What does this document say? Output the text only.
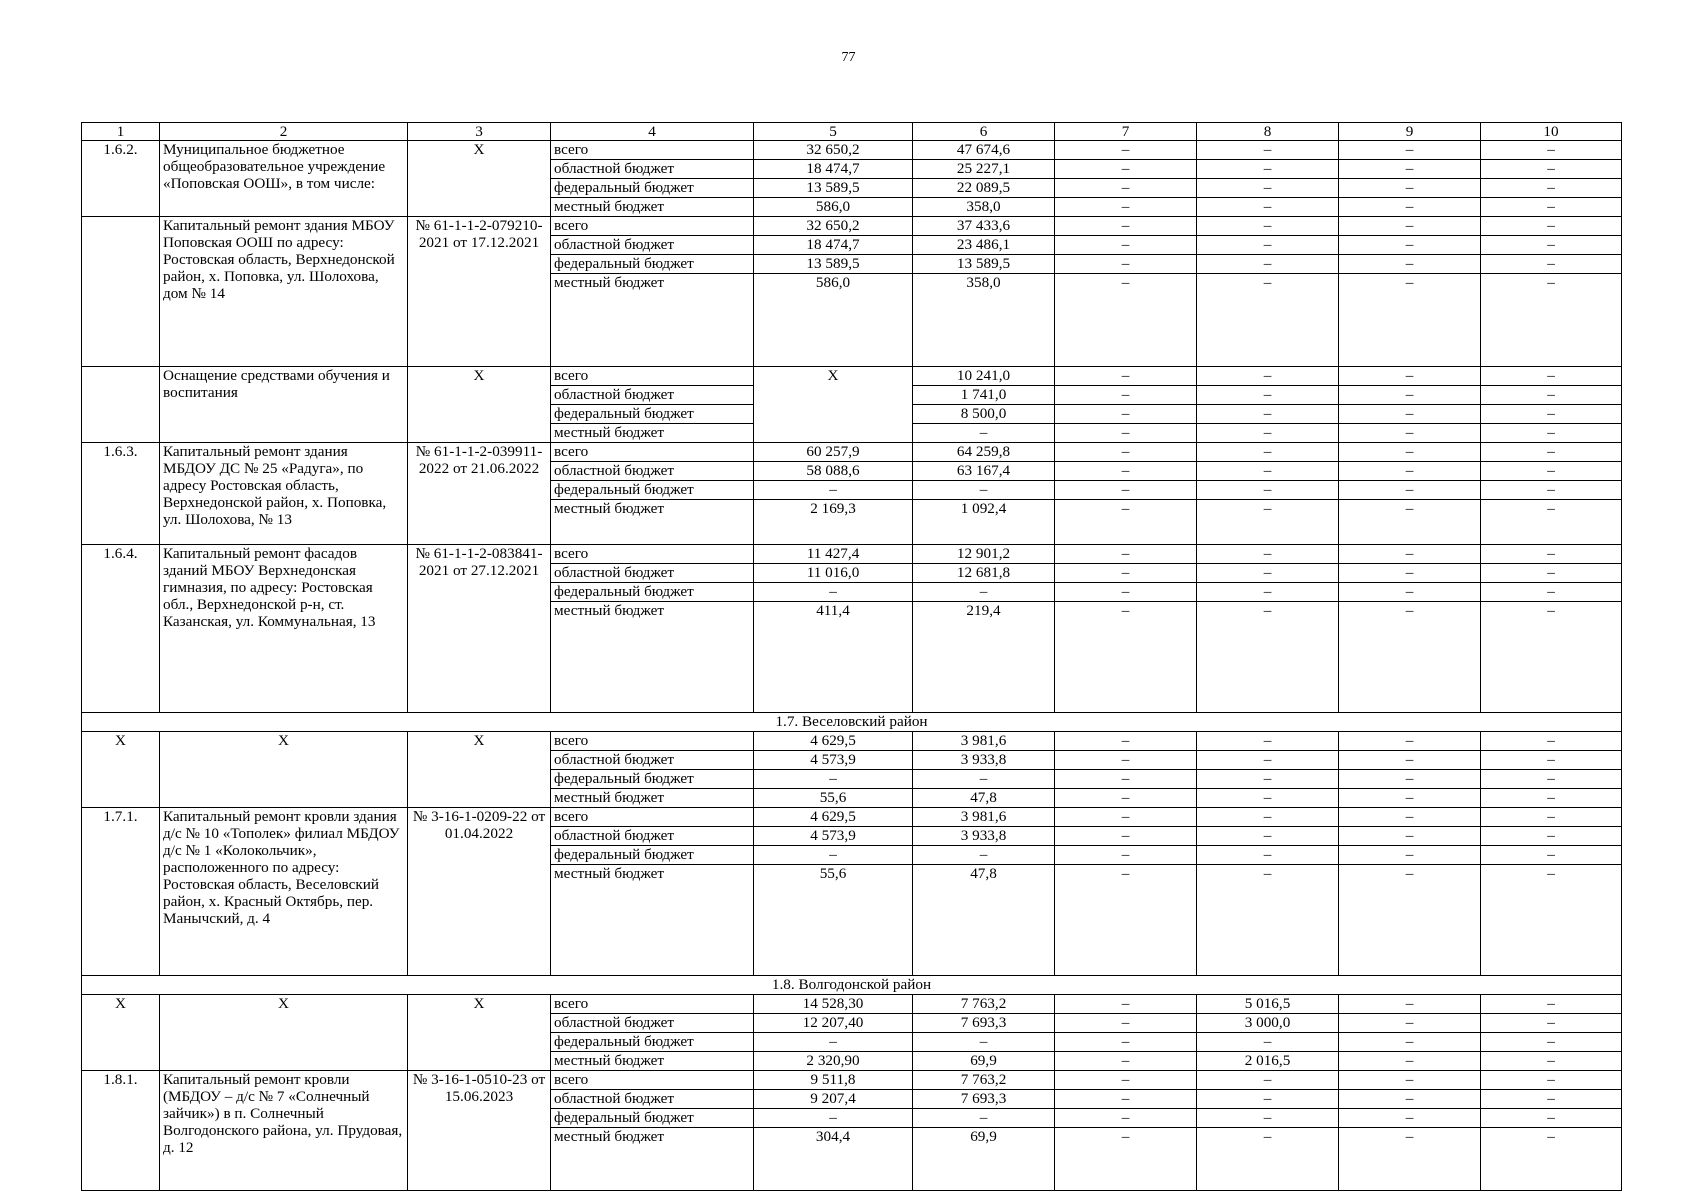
77
1	2	3	4	5	6	7	8	9	10
1.6.2.	Муниципальное бюджетное общеобразовательное учреждение «Поповская ООШ», в том числе:	Х	всего	32 650,2	47 674,6	–	–	–	–
			областной бюджет	18 474,7	25 227,1	–	–	–	–
			федеральный бюджет	13 589,5	22 089,5	–	–	–	–
			местный бюджет	586,0	358,0	–	–	–	–
	Капитальный ремонт здания МБОУ Поповская ООШ по адресу: Ростовская область, Верхнедонской район, х. Поповка, ул. Шолохова, дом № 14	№ 61-1-1-2-079210-2021 от 17.12.2021	всего	32 650,2	37 433,6	–	–	–	–
			областной бюджет	18 474,7	23 486,1	–	–	–	–
			федеральный бюджет	13 589,5	13 589,5	–	–	–	–
			местный бюджет	586,0	358,0	–	–	–	–
	Оснащение средствами обучения и воспитания	Х	всего	Х	10 241,0	–	–	–	–
			областной бюджет		1 741,0	–	–	–	–
			федеральный бюджет		8 500,0	–	–	–	–
			местный бюджет		–	–	–	–	–
1.6.3.	Капитальный ремонт здания МБДОУ ДС № 25 «Радуга», по адресу Ростовская область, Верхнедонской район, х. Поповка, ул. Шолохова, № 13	№ 61-1-1-2-039911-2022 от 21.06.2022	всего	60 257,9	64 259,8	–	–	–	–
			областной бюджет	58 088,6	63 167,4	–	–	–	–
			федеральный бюджет	–	–	–	–	–	–
			местный бюджет	2 169,3	1 092,4	–	–	–	–
1.6.4.	Капитальный ремонт фасадов зданий МБОУ Верхнедонская гимназия, по адресу: Ростовская обл., Верхнедонской р-н, ст. Казанская, ул. Коммунальная, 13	№ 61-1-1-2-083841-2021 от 27.12.2021	всего	11 427,4	12 901,2	–	–	–	–
			областной бюджет	11 016,0	12 681,8	–	–	–	–
			федеральный бюджет	–	–	–	–	–	–
			местный бюджет	411,4	219,4	–	–	–	–
1.7. Веселовский район									
Х	Х	Х	всего	4 629,5	3 981,6	–	–	–	–
			областной бюджет	4 573,9	3 933,8	–	–	–	–
			федеральный бюджет	–	–	–	–	–	–
			местный бюджет	55,6	47,8	–	–	–	–
1.7.1.	Капитальный ремонт кровли здания д/с № 10 «Тополек» филиал МБДОУ д/с № 1 «Колокольчик», расположенного по адресу: Ростовская область, Веселовский район, х. Красный Октябрь, пер. Манычский, д. 4	№ 3-16-1-0209-22 от 01.04.2022	всего	4 629,5	3 981,6	–	–	–	–
			областной бюджет	4 573,9	3 933,8	–	–	–	–
			федеральный бюджет	–	–	–	–	–	–
			местный бюджет	55,6	47,8	–	–	–	–
1.8. Волгодонской район									
Х	Х	Х	всего	14 528,30	7 763,2	–	5 016,5	–	–
			областной бюджет	12 207,40	7 693,3	–	3 000,0	–	–
			федеральный бюджет	–	–	–	–	–	–
			местный бюджет	2 320,90	69,9	–	2 016,5	–	–
1.8.1.	Капитальный ремонт кровли (МБДОУ – д/с № 7 «Солнечный зайчик») в п. Солнечный Волгодонского района, ул. Прудовая, д. 12	№ 3-16-1-0510-23 от 15.06.2023	всего	9 511,8	7 763,2	–	–	–	–
			областной бюджет	9 207,4	7 693,3	–	–	–	–
			федеральный бюджет	–	–	–	–	–	–
			местный бюджет	304,4	69,9	–	–	–	–
